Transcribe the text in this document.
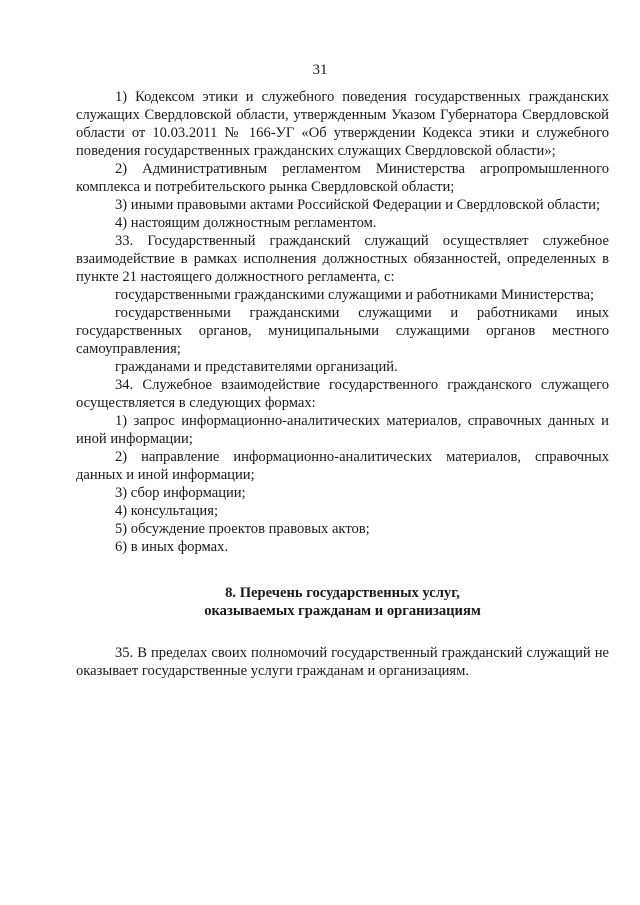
31

1) Кодексом этики и служебного поведения государственных гражданских служащих Свердловской области, утвержденным Указом Губернатора Свердловской области от 10.03.2011 № 166-УГ «Об утверждении Кодекса этики и служебного поведения государственных гражданских служащих Свердловской области»;

2) Административным регламентом Министерства агропромышленного комплекса и потребительского рынка Свердловской области;

3) иными правовыми актами Российской Федерации и Свердловской области;

4) настоящим должностным регламентом.

33. Государственный гражданский служащий осуществляет служебное взаимодействие в рамках исполнения должностных обязанностей, определенных в пункте 21 настоящего должностного регламента, с:

государственными гражданскими служащими и работниками Министерства;

государственными гражданскими служащими и работниками иных государственных органов, муниципальными служащими органов местного самоуправления;

гражданами и представителями организаций.

34. Служебное взаимодействие государственного гражданского служащего осуществляется в следующих формах:

1) запрос информационно-аналитических материалов, справочных данных и иной информации;

2) направление информационно-аналитических материалов, справочных данных и иной информации;

3) сбор информации;

4) консультация;

5) обсуждение проектов правовых актов;

6) в иных формах.

8. Перечень государственных услуг,
оказываемых гражданам и организациям

35. В пределах своих полномочий государственный гражданский служащий не оказывает государственные услуги гражданам и организациям.
